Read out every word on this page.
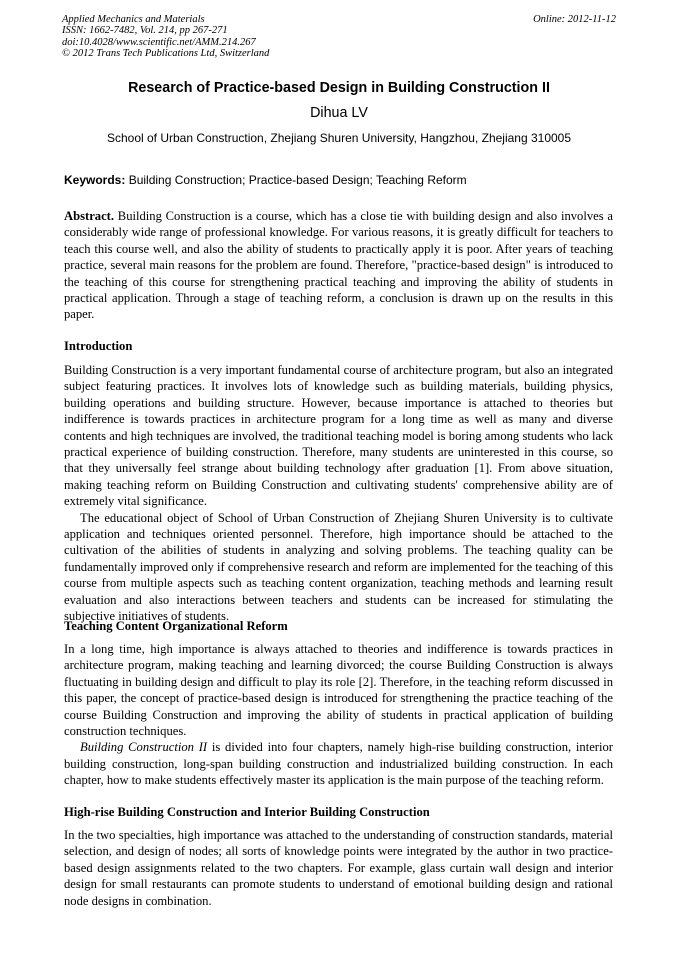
Applied Mechanics and Materials
ISSN: 1662-7482, Vol. 214, pp 267-271
doi:10.4028/www.scientific.net/AMM.214.267
© 2012 Trans Tech Publications Ltd, Switzerland
Online: 2012-11-12
Research of Practice-based Design in Building Construction II
Dihua LV
School of Urban Construction, Zhejiang Shuren University, Hangzhou, Zhejiang 310005
Keywords: Building Construction; Practice-based Design; Teaching Reform

Abstract. Building Construction is a course, which has a close tie with building design and also involves a considerably wide range of professional knowledge. For various reasons, it is greatly difficult for teachers to teach this course well, and also the ability of students to practically apply it is poor. After years of teaching practice, several main reasons for the problem are found. Therefore, "practice-based design" is introduced to the teaching of this course for strengthening practical teaching and improving the ability of students in practical application. Through a stage of teaching reform, a conclusion is drawn up on the results in this paper.

Introduction

Building Construction is a very important fundamental course of architecture program, but also an integrated subject featuring practices. It involves lots of knowledge such as building materials, building physics, building operations and building structure. However, because importance is attached to theories but indifference is towards practices in architecture program for a long time as well as many and diverse contents and high techniques are involved, the traditional teaching model is boring among students who lack practical experience of building construction. Therefore, many students are uninterested in this course, so that they universally feel strange about building technology after graduation [1]. From above situation, making teaching reform on Building Construction and cultivating students' comprehensive ability are of extremely vital significance.

The educational object of School of Urban Construction of Zhejiang Shuren University is to cultivate application and techniques oriented personnel. Therefore, high importance should be attached to the cultivation of the abilities of students in analyzing and solving problems. The teaching quality can be fundamentally improved only if comprehensive research and reform are implemented for the teaching of this course from multiple aspects such as teaching content organization, teaching methods and learning result evaluation and also interactions between teachers and students can be increased for stimulating the subjective initiatives of students.

Teaching Content Organizational Reform

In a long time, high importance is always attached to theories and indifference is towards practices in architecture program, making teaching and learning divorced; the course Building Construction is always fluctuating in building design and difficult to play its role [2]. Therefore, in the teaching reform discussed in this paper, the concept of practice-based design is introduced for strengthening the practice teaching of the course Building Construction and improving the ability of students in practical application of building construction techniques.

Building Construction II is divided into four chapters, namely high-rise building construction, interior building construction, long-span building construction and industrialized building construction. In each chapter, how to make students effectively master its application is the main purpose of the teaching reform.

High-rise Building Construction and Interior Building Construction

In the two specialties, high importance was attached to the understanding of construction standards, material selection, and design of nodes; all sorts of knowledge points were integrated by the author in two practice-based design assignments related to the two chapters. For example, glass curtain wall design and interior design for small restaurants can promote students to understand of emotional building design and rational node designs in combination.
